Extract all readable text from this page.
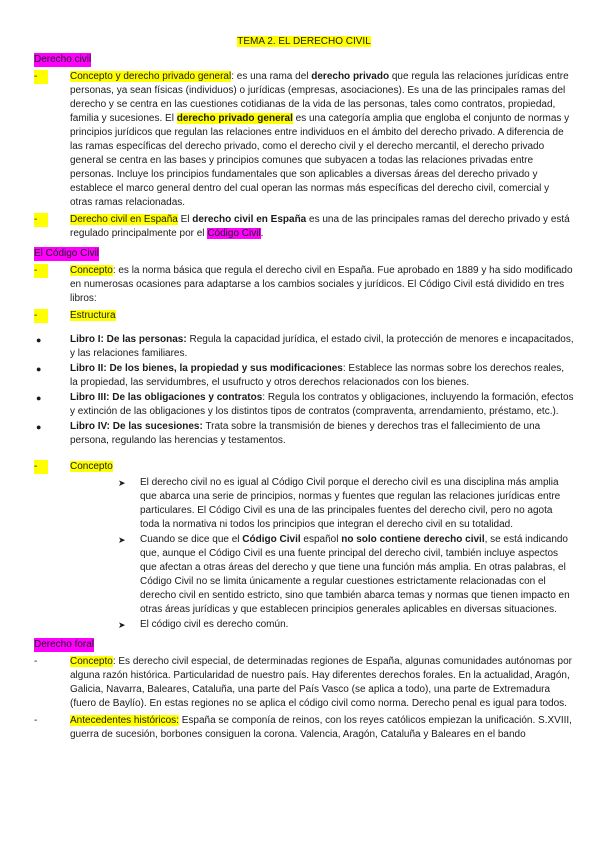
TEMA 2. EL DERECHO CIVIL
Derecho civil
-	Concepto y derecho privado general: es una rama del derecho privado que regula las relaciones jurídicas entre personas, ya sean físicas (individuos) o jurídicas (empresas, asociaciones). Es una de las principales ramas del derecho y se centra en las cuestiones cotidianas de la vida de las personas, tales como contratos, propiedad, familia y sucesiones. El derecho privado general es una categoría amplia que engloba el conjunto de normas y principios jurídicos que regulan las relaciones entre individuos en el ámbito del derecho privado. A diferencia de las ramas específicas del derecho privado, como el derecho civil y el derecho mercantil, el derecho privado general se centra en las bases y principios comunes que subyacen a todas las relaciones privadas entre personas. Incluye los principios fundamentales que son aplicables a diversas áreas del derecho privado y establece el marco general dentro del cual operan las normas más específicas del derecho civil, comercial y otras ramas relacionadas.
-	Derecho civil en España El derecho civil en España es una de las principales ramas del derecho privado y está regulado principalmente por el Código Civil.
El Código Civil
-	Concepto: es la norma básica que regula el derecho civil en España. Fue aprobado en 1889 y ha sido modificado en numerosas ocasiones para adaptarse a los cambios sociales y jurídicos. El Código Civil está dividido en tres libros:
-	Estructura
●	Libro I: De las personas: Regula la capacidad jurídica, el estado civil, la protección de menores e incapacitados, y las relaciones familiares.
●	Libro II: De los bienes, la propiedad y sus modificaciones: Establece las normas sobre los derechos reales, la propiedad, las servidumbres, el usufructo y otros derechos relacionados con los bienes.
●	Libro III: De las obligaciones y contratos: Regula los contratos y obligaciones, incluyendo la formación, efectos y extinción de las obligaciones y los distintos tipos de contratos (compraventa, arrendamiento, préstamo, etc.).
●	Libro IV: De las sucesiones: Trata sobre la transmisión de bienes y derechos tras el fallecimiento de una persona, regulando las herencias y testamentos.
-	Concepto
➤ El derecho civil no es igual al Código Civil porque el derecho civil es una disciplina más amplia que abarca una serie de principios, normas y fuentes que regulan las relaciones jurídicas entre particulares. El Código Civil es una de las principales fuentes del derecho civil, pero no agota toda la normativa ni todos los principios que integran el derecho civil en su totalidad.
➤ Cuando se dice que el Código Civil español no solo contiene derecho civil, se está indicando que, aunque el Código Civil es una fuente principal del derecho civil, también incluye aspectos que afectan a otras áreas del derecho y que tiene una función más amplia. En otras palabras, el Código Civil no se limita únicamente a regular cuestiones estrictamente relacionadas con el derecho civil en sentido estricto, sino que también abarca temas y normas que tienen impacto en otras áreas jurídicas y que establecen principios generales aplicables en diversas situaciones.
➤ El código civil es derecho común.
Derecho foral
-	Concepto: Es derecho civil especial, de determinadas regiones de España, algunas comunidades autónomas por alguna razón histórica. Particularidad de nuestro país. Hay diferentes derechos forales. En la actualidad, Aragón, Galicia, Navarra, Baleares, Cataluña, una parte del País Vasco (se aplica a todo), una parte de Extremadura (fuero de Baylío). En estas regiones no se aplica el código civil como norma. Derecho penal es igual para todos.
-	Antecedentes históricos: España se componía de reinos, con los reyes católicos empiezan la unificación. S.XVIII, guerra de sucesión, borbones consiguen la corona. Valencia, Aragón, Cataluña y Baleares en el bando
